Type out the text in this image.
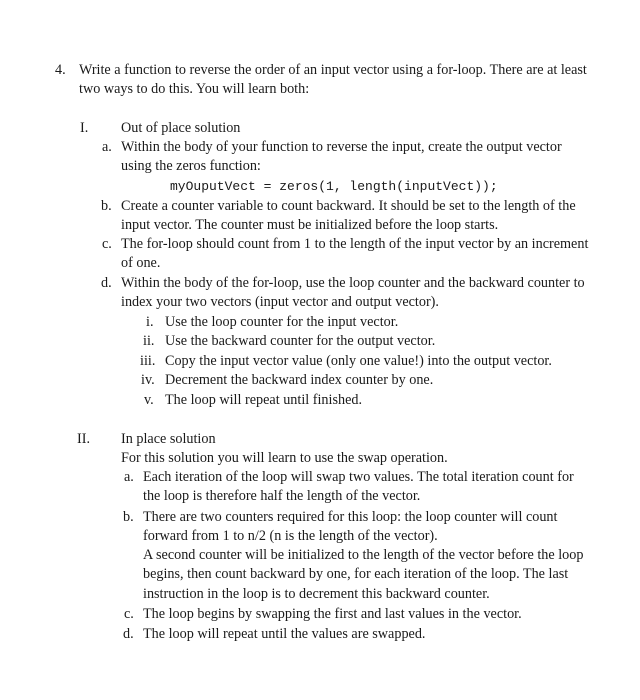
4. Write a function to reverse the order of an input vector using a for-loop. There are at least
two ways to do this. You will learn both:
I. Out of place solution
a. Within the body of your function to reverse the input, create the output vector
using the zeros function:
myOuputVect = zeros(1, length(inputVect));
b. Create a counter variable to count backward. It should be set to the length of the
input vector. The counter must be initialized before the loop starts.
c. The for-loop should count from 1 to the length of the input vector by an increment
of one.
d. Within the body of the for-loop, use the loop counter and the backward counter to
index your two vectors (input vector and output vector).
i. Use the loop counter for the input vector.
ii. Use the backward counter for the output vector.
iii. Copy the input vector value (only one value!) into the output vector.
iv. Decrement the backward index counter by one.
v. The loop will repeat until finished.
II. In place solution
For this solution you will learn to use the swap operation.
a. Each iteration of the loop will swap two values. The total iteration count for
the loop is therefore half the length of the vector.
b. There are two counters required for this loop: the loop counter will count
forward from 1 to n/2 (n is the length of the vector).
A second counter will be initialized to the length of the vector before the loop
begins, then count backward by one, for each iteration of the loop. The last
instruction in the loop is to decrement this backward counter.
c. The loop begins by swapping the first and last values in the vector.
d. The loop will repeat until the values are swapped.
